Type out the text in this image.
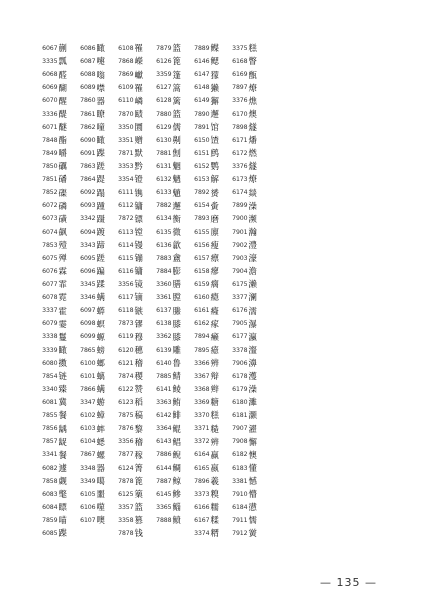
6067 蒯
3335 瓢
6068 醛
6069 醐
6070 醒
3336 醍
6071 醚
7848 酯
7849 嚼
7850 礪
7851 磻
7852 磲
6072 磷
6073 磺
6074 飙
7853 殪
6075 殚
6076 霖
6077 霏
6078 霓
3337 霍
6079 霎
3338 鬘
3339 瞰
6080 擞
7854 链
3340 臻
6081 冀
7855 餐
7856 龋
7857 龊
3341 餐
6082 遽
7858 觑
6083 氅
6084 瞟
7859 喵
6085 蹀
6086 瞰
6087 嚏
6088 嗡
6089 噤
7860 器
7861 瞭
7862 噇
6090 瞰
6091 蹀
7863 蹉
7864 踶
6092 蹋
6093 踵
3342 蹑
6094 踱
3343 蹄
6095 蹉
6096 蹁
3345 蹂
3346 螨
6097 蟒
6098 螟
6099 螈
7865 螃
6100 螂
6101 螭
7866 螨
3347 蝣
6102 蟑
6103 蟀
6104 蟋
7867 螺
3348 器
3349 噶
6105 噩
6106 噬
6107 噢
6108 罹
7868 嶸
7869 巘
6109 罹
6110 嶙
7870 赜
3350 圜
3351 赠
7871 默
3353 黔
3354 镫
6111 镌
6112 镛
7872 镖
6113 镗
6114 镘
6115 镚
6116 镛
3356 镜
6117 镝
6118 镞
7873 镠
6119 穆
6120 穗
6121 稽
7874 稷
6122 赞
6123 稻
7875 稿
7876 黎
3356 稽
7877 稼
6124 箐
7878 篦
6125 篥
3357 篮
3358 篡
7878 钱
7879 篮
6126 篦
3359 篷
6127 篙
6128 篱
7880 篮
6129 儒
6130 劓
7881 劁
6131 魍
6132 魑
6133 魈
7882 邂
6134 衡
6135 微
6136 歙
7883 盦
7884 膨
3360 膳
3361 膛
6137 縢
6138 膝
3362 膝
6139 雕
6140 鲁
7885 鲭
6141 鲮
3363 鲔
6142 鲱
3364 鲲
6143 鲳
7886 鲵
6144 鲷
7887 鲸
6145 鲹
3365 鲻
7888 鲼
7889 鲽
6146 鳃
6147 獴
6148 獭
6149 獬
7890 邂
7891 馆
6150 馇
6151 鹧
6152 鹦
6153 解
7892 赟
6154 夤
7893 磨
6155 廪
6156 瘦
6157 瘭
6158 瘳
6159 瘸
6160 瘾
6161 癃
6162 瘃
7894 癞
7895 癔
3366 辨
3367 辩
3368 辫
3369 糖
3370 糕
3371 糙
3372 辨
6164 赢
6165 嬴
7896 羲
3373 糗
6166 糯
6167 糅
3374 糈
3375 糕
6168 瞥
6169 甑
7897 燎
3376 燋
6170 燠
7898 燧
6171 燔
6172 燃
3376 燧
6173 燎
6174 燚
7899 澡
7900 濒
7901 瀚
7902 澧
7903 濠
7904 澹
6175 濑
3377 澜
6176 濡
7905 瀑
6177 瀛
3378 瀣
7906 濞
6178 濩
6179 澡
6180 濉
6181 灏
7907 濯
7908 懈
6182 懊
6183 懂
3381 憾
7910 懵
6184 懑
7911 懦
7912 黉
— 135 —
